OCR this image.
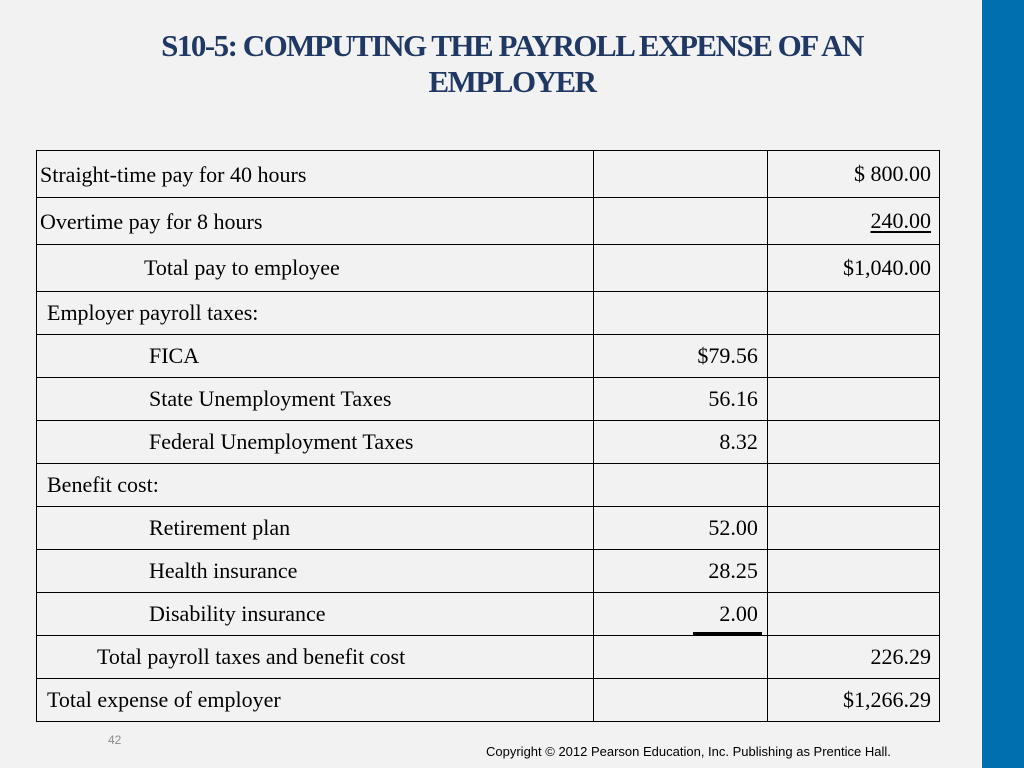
S10-5: COMPUTING THE PAYROLL EXPENSE OF AN EMPLOYER
Straight-time pay for 40 hours		$ 800.00
Overtime pay for 8 hours		240.00
Total pay to employee		$1,040.00
Employer payroll taxes:		
FICA	$79.56	
State Unemployment Taxes	56.16	
Federal Unemployment Taxes	8.32	
Benefit cost:		
Retirement plan	52.00	
Health insurance	28.25	
Disability insurance	2.00	
Total payroll taxes and benefit cost		226.29
Total expense of employer		$1,266.29
42
Copyright © 2012 Pearson Education, Inc. Publishing as Prentice Hall.
